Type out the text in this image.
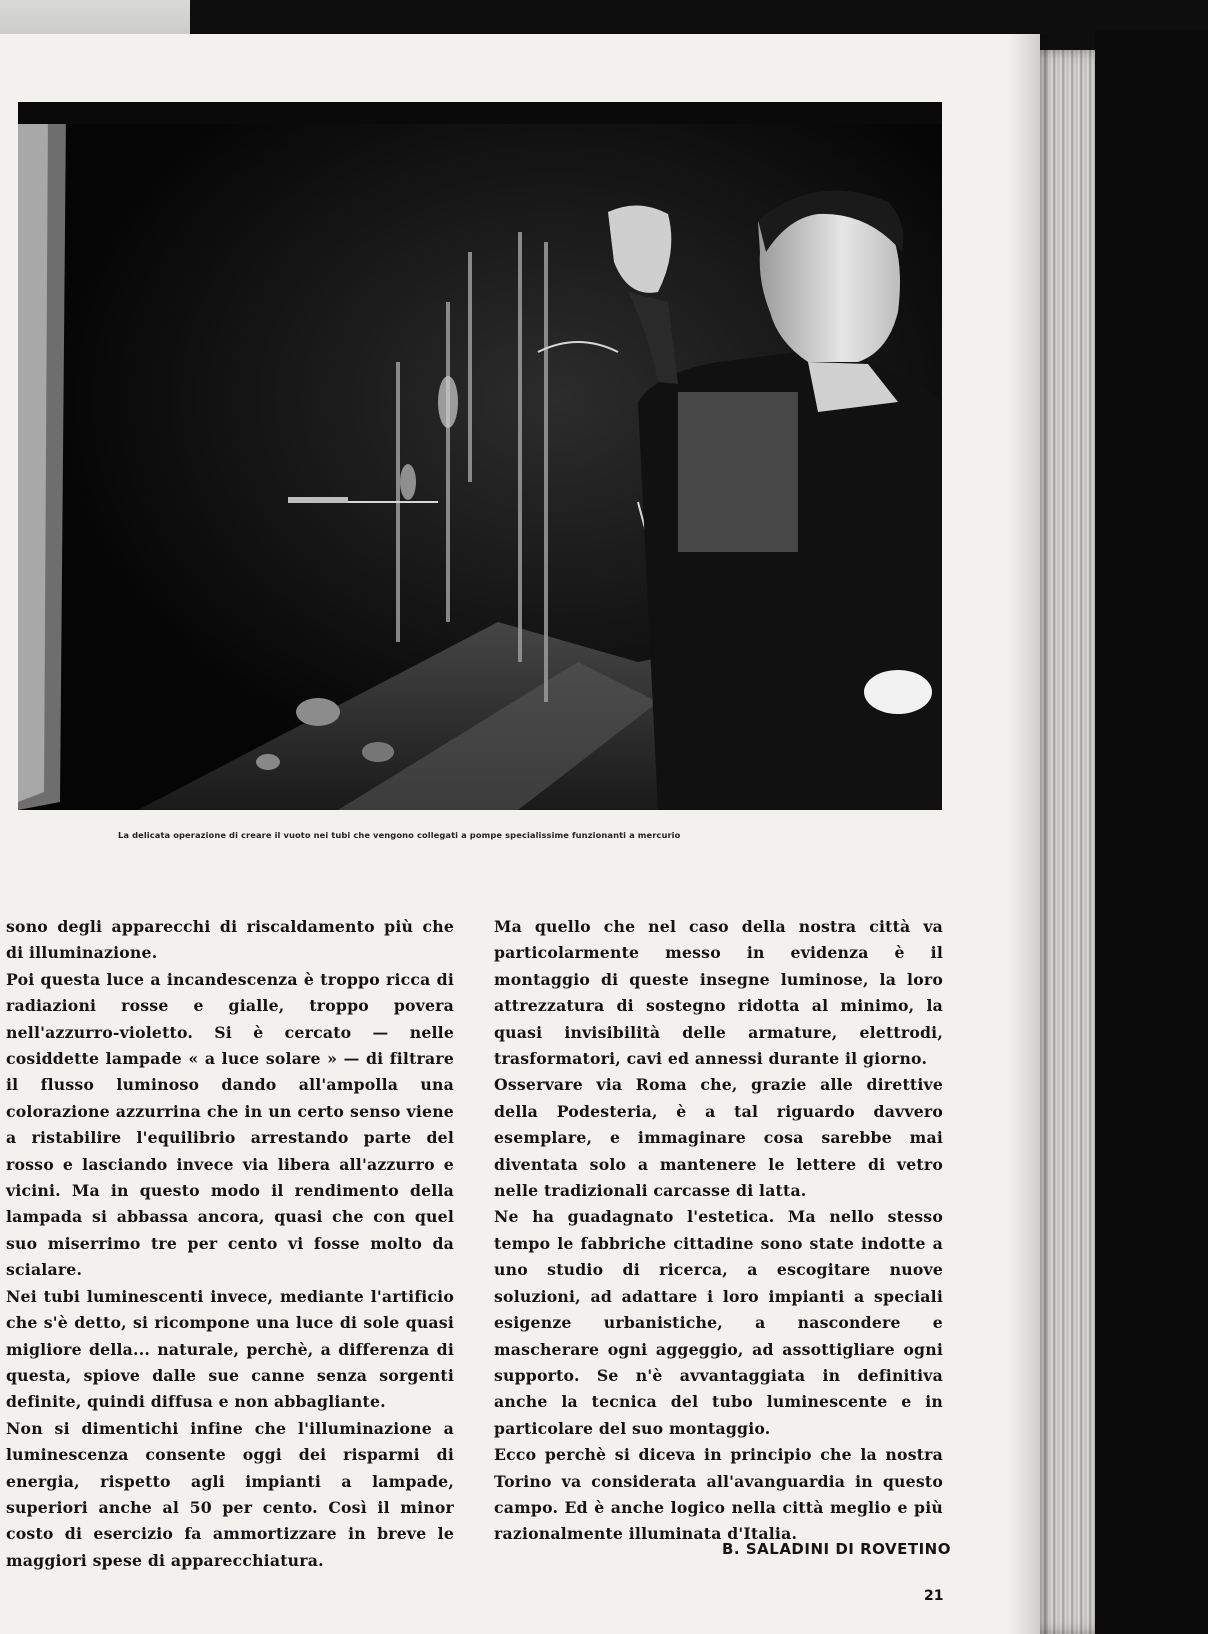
La delicata operazione di creare il vuoto nei tubi che vengono collegati a pompe specialissime funzionanti a mercurio

sono degli apparecchi di riscaldamento più che di illuminazione.

Poi questa luce a incandescenza è troppo ricca di radiazioni rosse e gialle, troppo povera nell'azzurro-violetto. Si è cercato — nelle cosiddette lampade « a luce solare » — di filtrare il flusso luminoso dando all'ampolla una colorazione azzurrina che in un certo senso viene a ristabilire l'equilibrio arrestando parte del rosso e lasciando invece via libera all'azzurro e vicini. Ma in questo modo il rendimento della lampada si abbassa ancora, quasi che con quel suo miserrimo tre per cento vi fosse molto da scialare.

Nei tubi luminescenti invece, mediante l'artificio che s'è detto, si ricompone una luce di sole quasi migliore della... naturale, perchè, a differenza di questa, spiove dalle sue canne senza sorgenti definite, quindi diffusa e non abbagliante.

Non si dimentichi infine che l'illuminazione a luminescenza consente oggi dei risparmi di energia, rispetto agli impianti a lampade, superiori anche al 50 per cento. Così il minor costo di esercizio fa ammortizzare in breve le maggiori spese di apparecchiatura.

Ma quello che nel caso della nostra città va particolarmente messo in evidenza è il montaggio di queste insegne luminose, la loro attrezzatura di sostegno ridotta al minimo, la quasi invisibilità delle armature, elettrodi, trasformatori, cavi ed annessi durante il giorno.

Osservare via Roma che, grazie alle direttive della Podesteria, è a tal riguardo davvero esemplare, e immaginare cosa sarebbe mai diventata solo a mantenere le lettere di vetro nelle tradizionali carcasse di latta.

Ne ha guadagnato l'estetica. Ma nello stesso tempo le fabbriche cittadine sono state indotte a uno studio di ricerca, a escogitare nuove soluzioni, ad adattare i loro impianti a speciali esigenze urbanistiche, a nascondere e mascherare ogni aggeggio, ad assottigliare ogni supporto. Se n'è avvantaggiata in definitiva anche la tecnica del tubo luminescente e in particolare del suo montaggio.

Ecco perchè si diceva in principio che la nostra Torino va considerata all'avanguardia in questo campo. Ed è anche logico nella città meglio e più razionalmente illuminata d'Italia.

B. SALADINI DI ROVETINO
21
